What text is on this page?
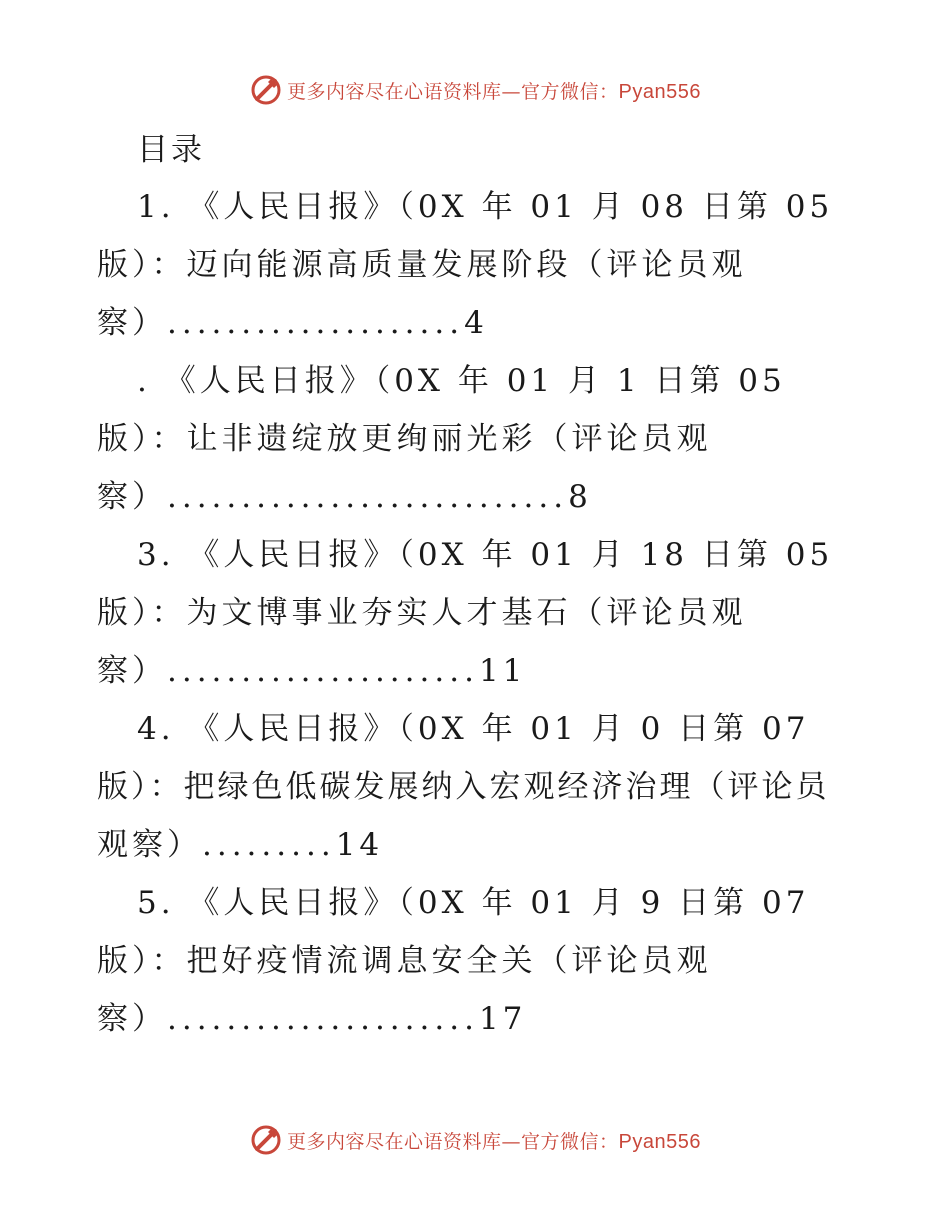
更多内容尽在心语资料库—官方微信：Pyan556
目录
1. 《人民日报》（0X 年 01 月 08 日第 05
版）：迈向能源高质量发展阶段（评论员观
察）....................4
. 《人民日报》（0X 年 01 月 1 日第 05
版）：让非遗绽放更绚丽光彩（评论员观
察）...........................8
3. 《人民日报》（0X 年 01 月 18 日第 05
版）：为文博事业夯实人才基石（评论员观
察）.....................11
4. 《人民日报》（0X 年 01 月 0 日第 07
版）：把绿色低碳发展纳入宏观经济治理（评论员
观察）.........14
5. 《人民日报》（0X 年 01 月 9 日第 07
版）：把好疫情流调息安全关（评论员观
察）.....................17
更多内容尽在心语资料库—官方微信：Pyan556
